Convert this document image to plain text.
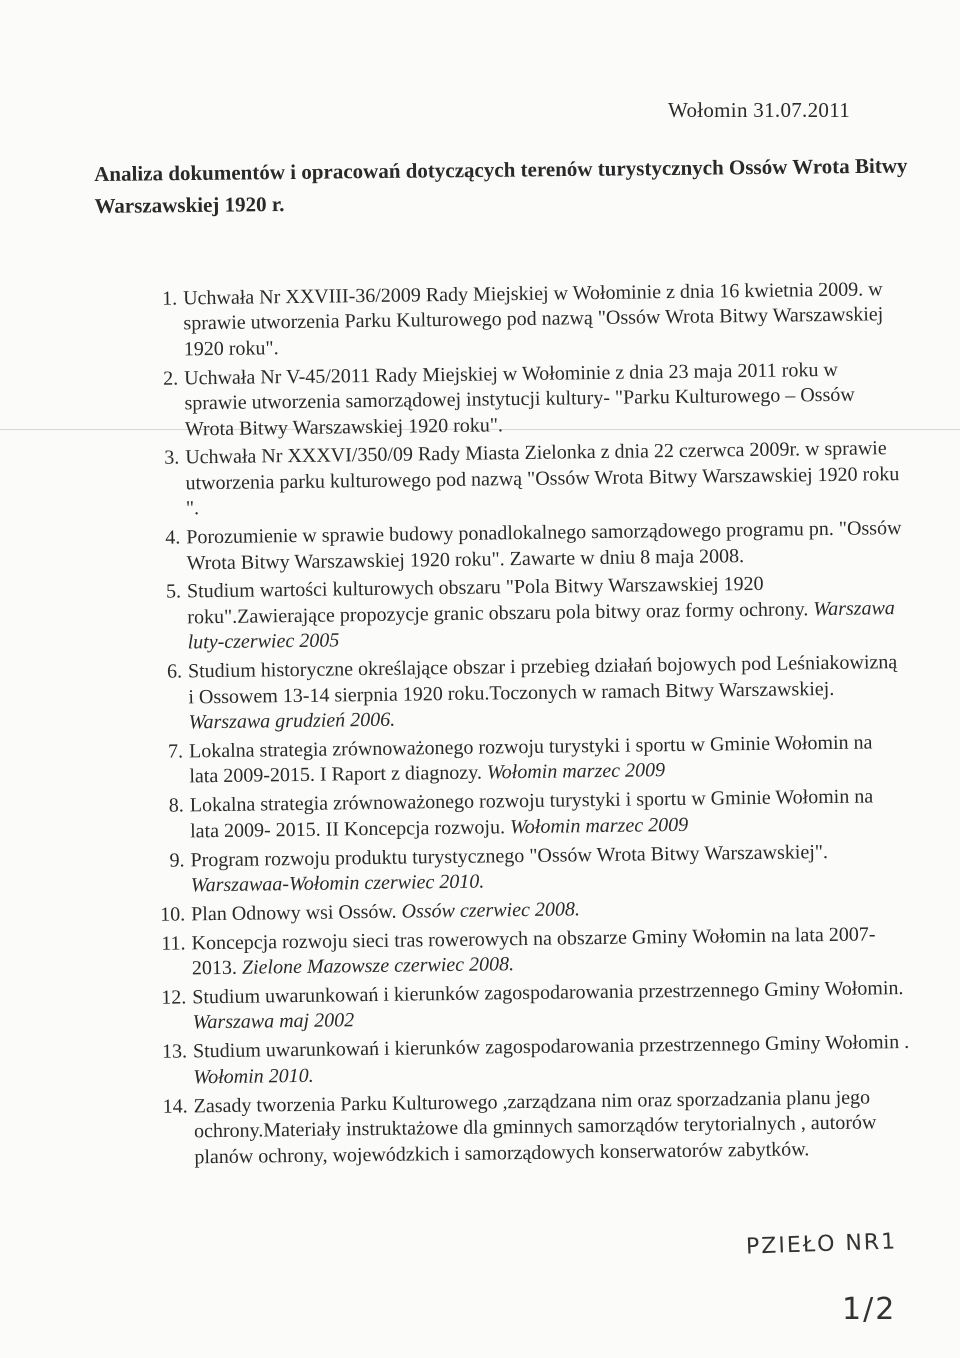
Wołomin 31.07.2011
Analiza dokumentów i opracowań dotyczących terenów turystycznych Ossów Wrota Bitwy Warszawskiej 1920 r.
1. Uchwała Nr XXVIII-36/2009 Rady Miejskiej w Wołominie z dnia 16 kwietnia 2009. w sprawie utworzenia Parku Kulturowego pod nazwą "Ossów Wrota Bitwy Warszawskiej 1920 roku".
2. Uchwała Nr V-45/2011 Rady Miejskiej w Wołominie z dnia 23 maja 2011 roku w sprawie utworzenia samorządowej instytucji kultury- "Parku Kulturowego – Ossów Wrota Bitwy Warszawskiej 1920 roku".
3. Uchwała Nr XXXVI/350/09 Rady Miasta Zielonka z dnia 22 czerwca 2009r. w sprawie utworzenia parku kulturowego pod nazwą "Ossów Wrota Bitwy Warszawskiej 1920 roku ".
4. Porozumienie w sprawie budowy ponadlokalnego samorządowego programu pn. "Ossów Wrota Bitwy Warszawskiej 1920 roku". Zawarte w dniu 8 maja 2008.
5. Studium wartości kulturowych obszaru "Pola Bitwy Warszawskiej 1920 roku".Zawierające propozycje granic obszaru pola bitwy oraz formy ochrony. Warszawa luty-czerwiec 2005
6. Studium historyczne określające obszar i przebieg działań bojowych pod Leśniakowizną i Ossowem 13-14 sierpnia 1920 roku.Toczonych w ramach Bitwy Warszawskiej. Warszawa grudzień 2006.
7. Lokalna strategia zrównoważonego rozwoju turystyki i sportu w Gminie Wołomin na lata 2009-2015. I Raport z diagnozy. Wołomin marzec 2009
8. Lokalna strategia zrównoważonego rozwoju turystyki i sportu w Gminie Wołomin na lata 2009- 2015. II Koncepcja rozwoju. Wołomin marzec 2009
9. Program rozwoju produktu turystycznego "Ossów Wrota Bitwy Warszawskiej". Warszawaa-Wołomin czerwiec 2010.
10. Plan Odnowy wsi Ossów. Ossów czerwiec 2008.
11. Koncepcja rozwoju sieci tras rowerowych na obszarze Gminy Wołomin na lata 2007-2013. Zielone Mazowsze czerwiec 2008.
12. Studium uwarunkowań i kierunków zagospodarowania przestrzennego Gminy Wołomin. Warszawa maj 2002
13. Studium uwarunkowań i kierunków zagospodarowania przestrzennego Gminy Wołomin . Wołomin 2010.
14. Zasady tworzenia Parku Kulturowego ,zarządzana nim oraz sporzadzania planu jego ochrony.Materiały instruktażowe dla gminnych samorządów terytorialnych , autorów planów ochrony, wojewódzkich i samorządowych konserwatorów zabytków.
PZIEŁO NR1
1/2
